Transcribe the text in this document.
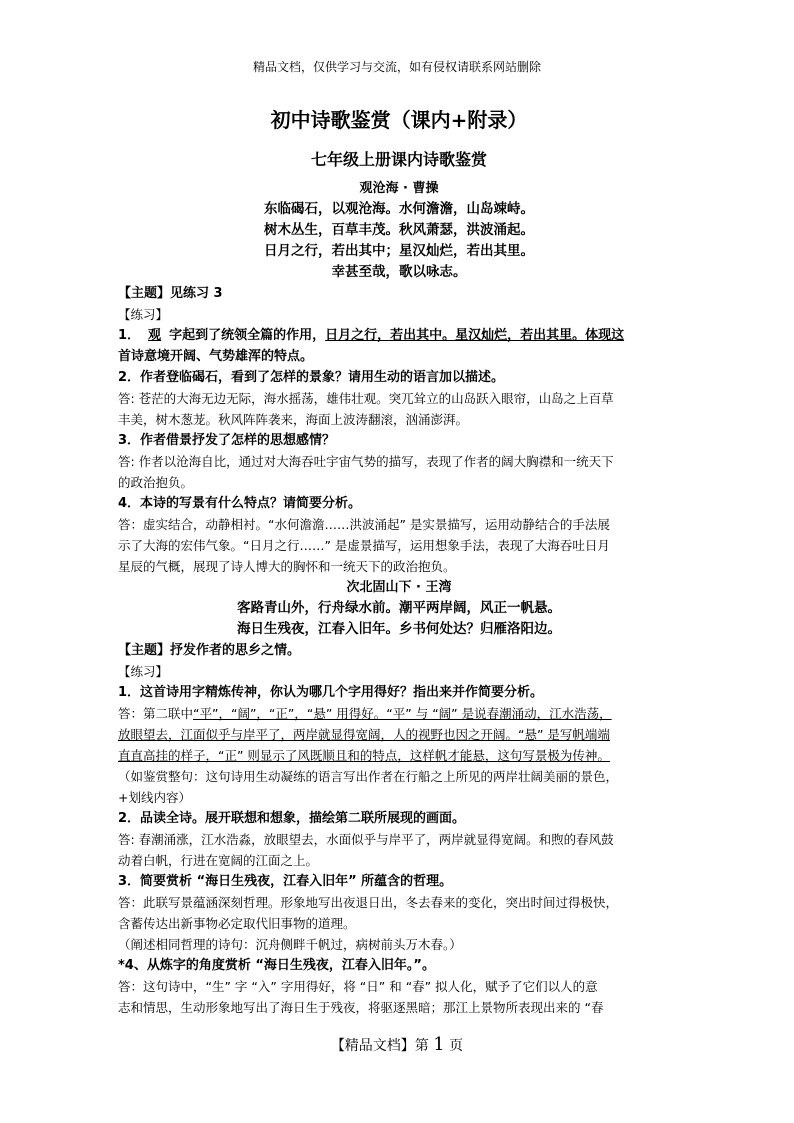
精品文档，仅供学习与交流，如有侵权请联系网站删除
初中诗歌鉴赏（课内+附录）
七年级上册课内诗歌鉴赏
观沧海 · 曹操
东临碣石，以观沧海。水何澹澹，山岛竦峙。
树木丛生，百草丰茂。秋风萧瑟，洪波涌起。
日月之行，若出其中；星汉灿烂，若出其里。
幸甚至哉，歌以咏志。
【主题】见练习 3
【练习】
1． 观 字起到了统领全篇的作用，日月之行，若出其中。星汉灿烂，若出其里。体现这
首诗意境开阔、气势雄浑的特点。
2．作者登临碣石，看到了怎样的景象？请用生动的语言加以描述。
答: 苍茫的大海无边无际，海水摇荡，雄伟壮观。突兀耸立的山岛跃入眼帘，山岛之上百草
丰美，树木葱茏。秋风阵阵袭来，海面上波涛翻滚，汹涌澎湃。
3．作者借景抒发了怎样的思想感情？
答: 作者以沧海自比，通过对大海吞吐宇宙气势的描写，表现了作者的阔大胸襟和一统天下
的政治抱负。
4．本诗的写景有什么特点？请简要分析。
答：虚实结合，动静相衬。“水何澹澹……洪波涌起” 是实景描写，运用动静结合的手法展
示了大海的宏伟气象。“日月之行……” 是虚景描写，运用想象手法，表现了大海吞吐日月
星辰的气概，展现了诗人博大的胸怀和一统天下的政治抱负。
次北固山下 · 王湾
客路青山外，行舟绿水前。潮平两岸阔，风正一帆悬。
海日生残夜，江春入旧年。乡书何处达？归雁洛阳边。
【主题】抒发作者的思乡之情。
【练习】
1．这首诗用字精炼传神，你认为哪几个字用得好？指出来并作简要分析。
答：第二联中“平”，“阔”，“正”，“悬” 用得好。“平” 与 “阔” 是说春潮涌动，江水浩荡，
放眼望去，江面似乎与岸平了，两岸就显得宽阔，人的视野也因之开阔。“悬” 是写帆端端
直直高挂的样子，“正” 则显示了风既顺且和的特点，这样帆才能悬，这句写景极为传神。
（如鉴赏整句：这句诗用生动凝练的语言写出作者在行船之上所见的两岸壮阔美丽的景色，
+划线内容）
2．品读全诗。展开联想和想象，描绘第二联所展现的画面。
答: 春潮涌涨，江水浩淼，放眼望去，水面似乎与岸平了，两岸就显得宽阔。和煦的春风鼓
动着白帆，行进在宽阔的江面之上。
3．简要赏析 “海日生残夜，江春入旧年” 所蕴含的哲理。
答：此联写景蕴涵深刻哲理。形象地写出夜退日出，冬去春来的变化，突出时间过得极快，
含蓄传达出新事物必定取代旧事物的道理。
（阐述相同哲理的诗句：沉舟侧畔千帆过，病树前头万木春。）
*4、从炼字的角度赏析 “海日生残夜，江春入旧年。”。
答：这句诗中，“生” 字 “入” 字用得好，将 “日” 和 “春” 拟人化，赋予了它们以人的意
志和情思，生动形象地写出了海日生于残夜，将驱逐黑暗；那江上景物所表现出来的 “春
【精品文档】第 1 页
